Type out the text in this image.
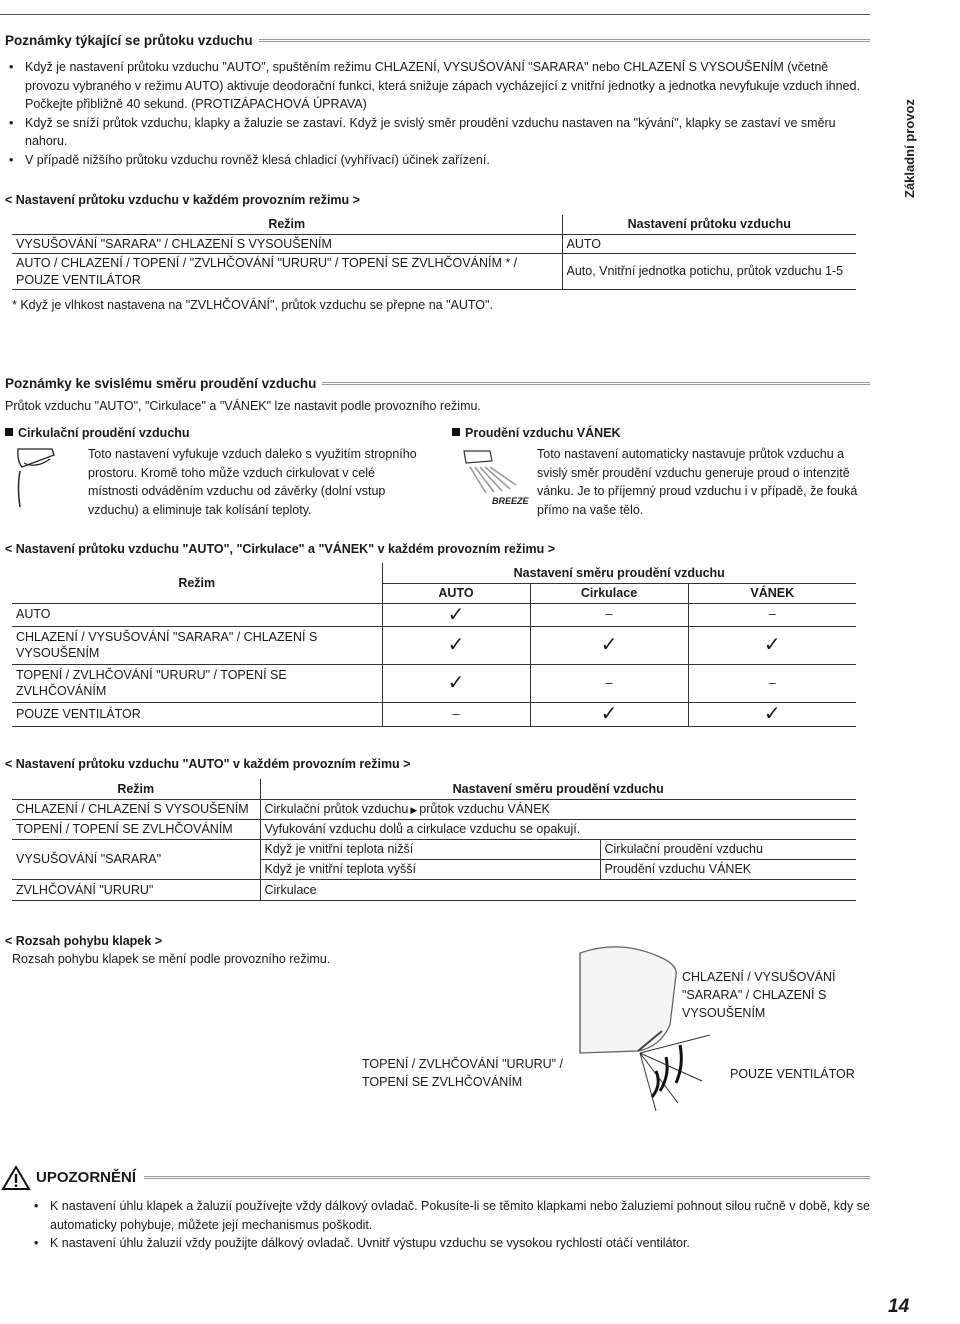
Základní provoz
Poznámky týkající se průtoku vzduchu
• Když je nastavení průtoku vzduchu "AUTO", spuštěním režimu CHLAZENÍ, VYSUŠOVÁNÍ "SARARA" nebo CHLAZENÍ S VYSOUŠENÍM (včetně provozu vybraného v režimu AUTO) aktivuje deodorační funkci, která snižuje zápach vycházející z vnitřní jednotky a jednotka nevyfukuje vzduch ihned. Počkejte přibližně 40 sekund. (PROTIZÁPACHOVÁ ÚPRAVA)
• Když se sníží průtok vzduchu, klapky a žaluzie se zastaví. Když je svislý směr proudění vzduchu nastaven na "kývání", klapky se zastaví ve směru nahoru.
• V případě nižšího průtoku vzduchu rovněž klesá chladicí (vyhřívací) účinek zařízení.
< Nastavení průtoku vzduchu v každém provozním režimu >
Režim	Nastavení průtoku vzduchu
VYSUŠOVÁNÍ "SARARA" / CHLAZENÍ S VYSOUŠENÍM	AUTO
AUTO / CHLAZENÍ / TOPENÍ / "ZVLHČOVÁNÍ "URURU" / TOPENÍ SE ZVLHČOVÁNÍM * / POUZE VENTILÁTOR	Auto, Vnitřní jednotka potichu, průtok vzduchu 1-5
* Když je vlhkost nastavena na "ZVLHČOVÁNÍ", průtok vzduchu se přepne na "AUTO".
Poznámky ke svislému směru proudění vzduchu
Průtok vzduchu "AUTO", "Cirkulace" a "VÁNEK" lze nastavit podle provozního režimu.
Cirkulační proudění vzduchu
Toto nastavení vyfukuje vzduch daleko s využitím stropního prostoru. Kromě toho může vzduch cirkulovat v celé místnosti odváděním vzduchu od závěrky (dolní vstup vzduchu) a eliminuje tak kolísání teploty.
Proudění vzduchu VÁNEK
BREEZE
Toto nastavení automaticky nastavuje průtok vzduchu a svislý směr proudění vzduchu generuje proud o intenzitě vánku. Je to příjemný proud vzduchu i v případě, že fouká přímo na vaše tělo.
< Nastavení průtoku vzduchu "AUTO", "Cirkulace" a "VÁNEK" v každém provozním režimu >
Režim	Nastavení směru proudění vzduchu		
	AUTO	Cirkulace	VÁNEK
AUTO	✓	–	–
CHLAZENÍ / VYSUŠOVÁNÍ "SARARA" / CHLAZENÍ S VYSOUŠENÍM	✓	✓	✓
TOPENÍ / ZVLHČOVÁNÍ "URURU" / TOPENÍ SE ZVLHČOVÁNÍM	✓	–	–
POUZE VENTILÁTOR	–	✓	✓
< Nastavení průtoku vzduchu "AUTO" v každém provozním režimu >
Režim	Nastavení směru proudění vzduchu	
CHLAZENÍ / CHLAZENÍ S VYSOUŠENÍM	Cirkulační průtok vzduchu ▶ průtok vzduchu VÁNEK	
TOPENÍ / TOPENÍ SE ZVLHČOVÁNÍM	Vyfukování vzduchu dolů a cirkulace vzduchu se opakují.	
VYSUŠOVÁNÍ "SARARA"	Když je vnitřní teplota nižší	Cirkulační proudění vzduchu
	Když je vnitřní teplota vyšší	Proudění vzduchu VÁNEK
ZVLHČOVÁNÍ "URURU"	Cirkulace	
< Rozsah pohybu klapek >
Rozsah pohybu klapek se mění podle provozního režimu.
CHLAZENÍ / VYSUŠOVÁNÍ "SARARA" / CHLAZENÍ S VYSOUŠENÍM
TOPENÍ / ZVLHČOVÁNÍ "URURU" / TOPENÍ SE ZVLHČOVÁNÍM
POUZE VENTILÁTOR
UPOZORNĚNÍ
• K nastavení úhlu klapek a žaluzií používejte vždy dálkový ovladač. Pokusíte-li se těmito klapkami nebo žaluziemi pohnout silou ručně v době, kdy se automaticky pohybuje, můžete její mechanismus poškodit.
• K nastavení úhlu žaluzií vždy použijte dálkový ovladač. Uvnitř výstupu vzduchu se vysokou rychlostí otáčí ventilátor.
14
